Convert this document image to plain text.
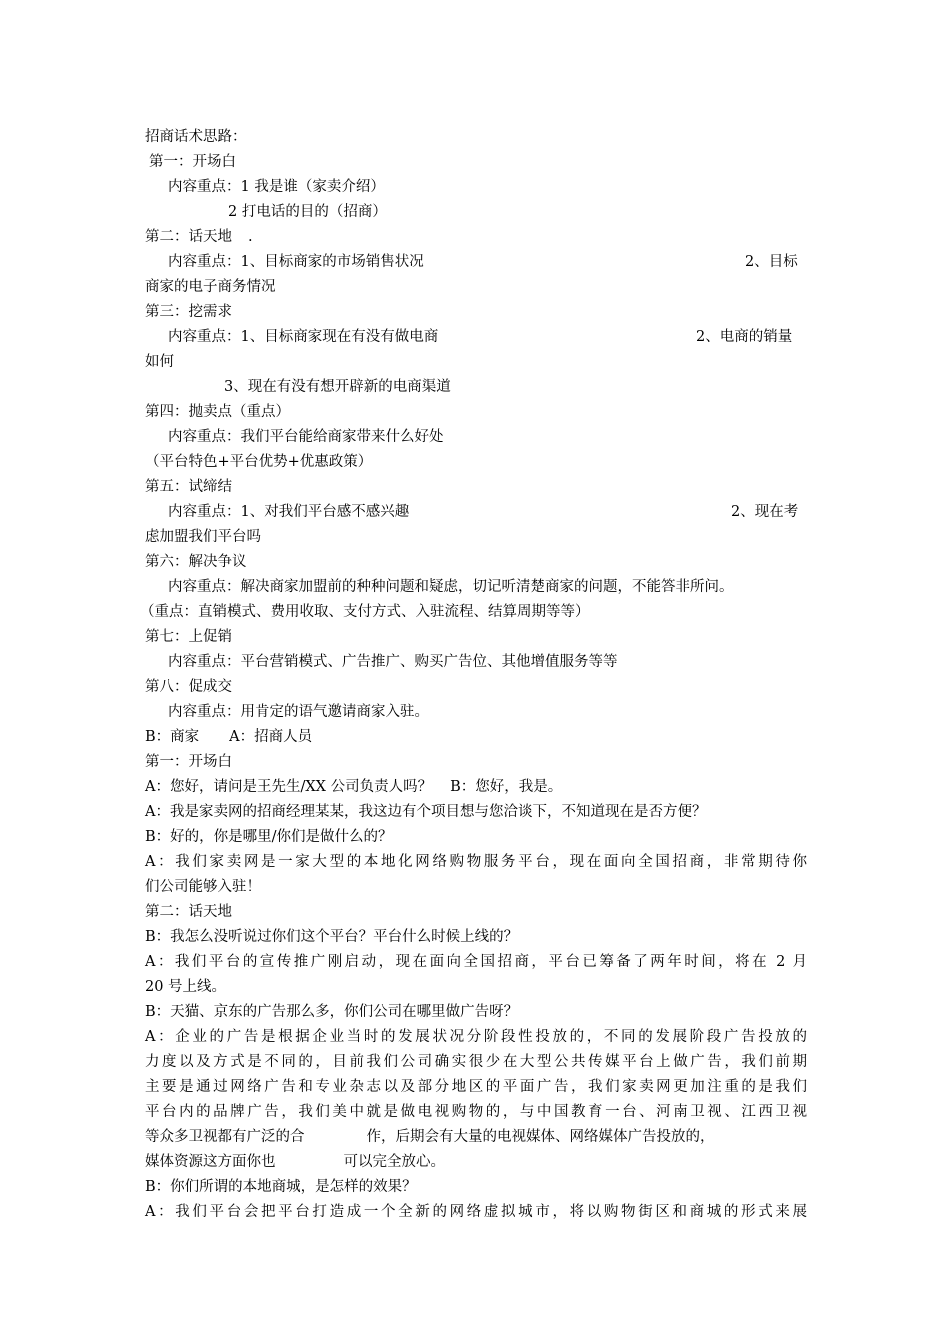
招商话术思路：
第一：开场白
内容重点：1 我是谁（家卖介绍）
2 打电话的目的（招商）
第二：话天地 .
内容重点：1、目标商家的市场销售状况	2、目标
商家的电子商务情况
第三：挖需求
内容重点：1、目标商家现在有没有做电商	2、电商的销量
如何
3、现在有没有想开辟新的电商渠道
第四：抛卖点（重点）
内容重点：我们平台能给商家带来什么好处
（平台特色+平台优势+优惠政策）
第五：试缔结
内容重点：1、对我们平台感不感兴趣	2、现在考
虑加盟我们平台吗
第六：解决争议
内容重点：解决商家加盟前的种种问题和疑虑，切记听清楚商家的问题，不能答非所问。
（重点：直销模式、费用收取、支付方式、入驻流程、结算周期等等）
第七：上促销
内容重点：平台营销模式、广告推广、购买广告位、其他增值服务等等
第八：促成交
内容重点：用肯定的语气邀请商家入驻。
B：商家 A：招商人员
第一：开场白
A：您好，请问是王先生/XX 公司负责人吗？ B：您好，我是。
A：我是家卖网的招商经理某某，我这边有个项目想与您洽谈下，不知道现在是否方便？
B：好的，你是哪里/你们是做什么的？
A：我们家卖网是一家大型的本地化网络购物服务平台，现在面向全国招商，非常期待你
们公司能够入驻！
第二：话天地
B：我怎么没听说过你们这个平台？平台什么时候上线的？
A：我们平台的宣传推广刚启动，现在面向全国招商，平台已筹备了两年时间，将在 2 月
20 号上线。
B：天猫、京东的广告那么多，你们公司在哪里做广告呀？
A：企业的广告是根据企业当时的发展状况分阶段性投放的，不同的发展阶段广告投放的
力度以及方式是不同的，目前我们公司确实很少在大型公共传媒平台上做广告，我们前期
主要是通过网络广告和专业杂志以及部分地区的平面广告，我们家卖网更加注重的是我们
平台内的品牌广告，我们美中就是做电视购物的，与中国教育一台、河南卫视、江西卫视
等众多卫视都有广泛的合	作，后期会有大量的电视媒体、网络媒体广告投放的，
媒体资源这方面你也	可以完全放心。
B：你们所谓的本地商城，是怎样的效果？
A：我们平台会把平台打造成一个全新的网络虚拟城市，将以购物街区和商城的形式来展
